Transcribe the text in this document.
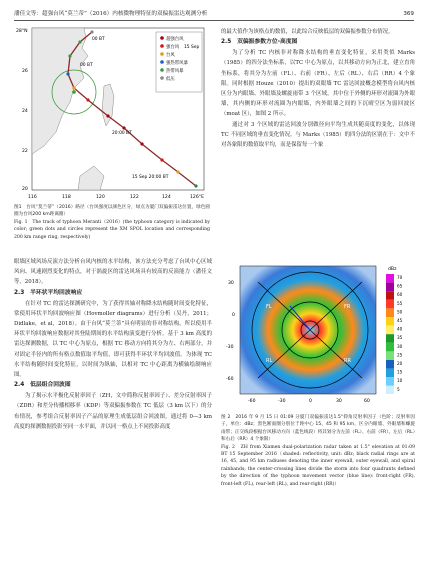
潘佳文等：超强台风“莫兰蒂”（2016）内核微物理特征的双偏振雷达观测分析	369
00 BT
00 BT
20:00 BT
15 Sep 20:00 BT
超强台风
强台风 15 Sep
台风
强热带风暴
热带风暴
低压
28°N
26
24
22
20
116	118	120	122	124	126°E
图1　台风“莫兰蒂”（2016）路径（台风强度以颜色区分，绿点为厦门双偏振雷达位置，绿色圆圈为台风200 km距离圈）
Fig. 1　The track of typhoon Meranti（2016）(the typhoon category is indicated by color; green dots and circles represent the XM SPOL location and corresponding 200 km range ring, respectively)

眼墙区域风场反演方法分析台风内核的水平结构，该方法充分考虑了台风中心区域风向、风速剧烈变化的特点，对于涡旋区的雷达风场具有较高的反演能力（潘佳文等，2018）。

2.3　半环状平均回波响应

在针对 TC 的雷达探测研究中，为了获得其轴对称降水结构随时间变化特征，常使用环状平均回波响应图（Hovmoller diagrams）进行分析（吴丹，2011；Didlake，et al，2018）。由于台风“莫兰蒂”具有明显的非对称结构，所以使用半环状平均回波响应数据对其登陆期间的水平结构演变进行分析。基于 3 km 高度的雷达探测数据，以 TC 中心为原点，根据 TC 移动方向将其分为左、右两部分，并对固定半径内的所有格点数值取平均值，即可获得半环状平均回波值。为体现 TC 水平结构随时间变化特征，以时间为纵轴，以相对 TC 中心距离为横轴绘制响应图。

2.4　低层组合回波图

为了揭示水平极化反射率因子（ZH，文中简称反射率因子）、差分反射率因子（ZDR）和差分传播相移率（KDP）等双偏振参数在 TC 低层（3 km 以下）的分布情况，参考组合反射率因子产品的原理生成低层组合回波图。通过将 0—3 km 高度的探测数据投影至同一水平面，并以同一格点上不同投影高度

的最大值作为该格点的数值，以此综合反映低层的双偏振参数分布情况。

2.5　双偏振参数方位-高度图

为了分析 TC 内核非对称降水结构的垂直变化特征，采用类似 Marks（1985）的四分法坐标系，以TC 中心为原点，以其移动方向为正北，建立直角坐标系，将其分为左前（FL）、右前（FR）、左后（RL）、右后（RR）4 个象限。同时根据 Houze（2010）提出的双眼墙 TC 雷达回波概念模型将台风内核区分为内眼墙、外眼墙及螺旋雨带 3 个区域，其中位于外侧的环形对流圈为外眼墙，其内侧的环形对流圈为内眼墙，内外眼墙之间的下沉晴空区为弱回波区（moat 区），如图 2 所示。

通过对 3 个区域的雷达回波分别做径向平均生成其随高度的变化，以体现 TC 不同区域的垂直变化情况。与 Marks（1985）的四分法的区别在于：文中不对各象限的数值取平均，而是保留每一个象

FL	FR
RL	RR
30
0
-30
-60
-60	-30	0	30	60
dBz
70
65
60
55
50
45
40
35
30
25
20
15
10
5
图 2　2016 年 9 月 15 日 01:09 分厦门双偏振雷达1.5°仰角反射率因子（色阶；反射率因子，单位：dBz；黑色断面圈分别位于距中心 15、45 和 95 km，区分内眼墙、外眼墙和螺旋雨带；正交线段根据台风移动方向（蓝色线段）将其划分为左前（FL）、右前（FR）、左后（RL）和右后（RR）4 个象限）
Fig. 2　ZH from Xiamen dual-polarization radar taken at 1.5° elevation at 01:09 BT 15 September 2016（shaded: reflectivity, unit: dBz; black radial rings are at 16, 45, and 95 km radiuses denoting the inner eyewall, outer eyewall, and spiral rainbands; the center-crossing lines divide the storm into four quadrants defined by the direction of the typhoon movement vector (blue line): front-right (FR), front-left (FL), rear-left (RL), and rear-right (RR)）
